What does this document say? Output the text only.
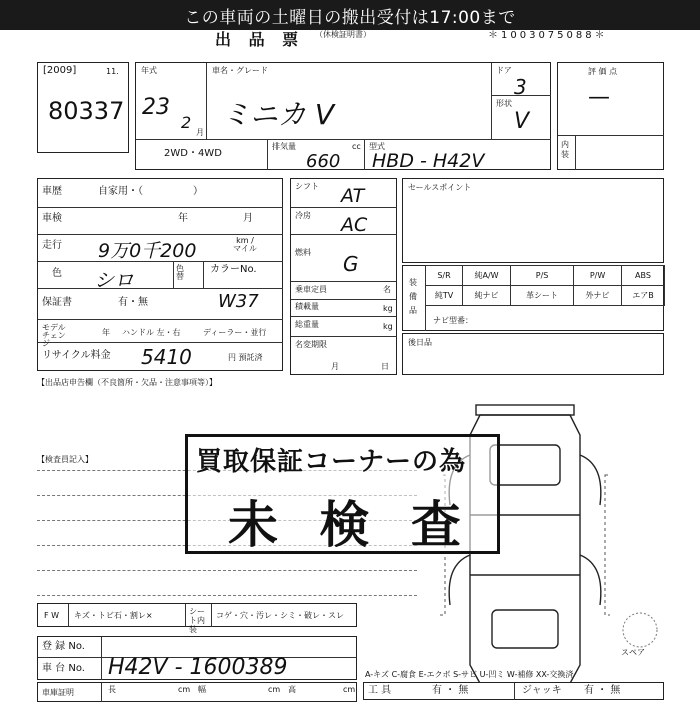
この車両の土曜日の搬出受付は17:00まで
出 品 票 （休検証明書）	＊1003075088＊
[2009]	11.
80337
年式
23
2
月
車名・グレード
ミニカ V
ドア
3
形状
V
2WD・4WD
排気量
660
cc 型式
HBD - H42V
評 価 点
—
内装
車歴	自家用・（　　　　　）
車検	年	月
走行 9万0千200	km / マイル
色 シロ	色替
カラーNo.
W37
保証書	有・無
モデルチェンジ
年 ハンドル 左・右	ディーラー・並行
リサイクル料金 5410	円 預託済
シフト AT
冷房 AC
燃料 G
乗車定員	名
積載量	kg
総重量	kg
名変期限
月	日
セールスポイント
装備品
S/R	純A/W	P/S	P/W	ABS
純TV	純ナビ	革シート	外ナビ	エアB
ナビ型番：
後日品
【出品店申告欄（不良箇所・欠品・注意事項等）】
【検査員記入】
スペア
買取保証コーナーの為
未 検 査
F W キズ・トビ石・割レ×	シート内装
コゲ・穴・汚レ・シミ・破レ・スレ
登 録 No.
車 台 No. H42V - 1600389
車庫証明	長	cm 幅	cm 高	cm
A-キズ C-腐食 E-エクボ S-サビ U-凹ミ W-補修 XX-交換済
工 具	有 ・ 無	ジャッキ 有 ・ 無
